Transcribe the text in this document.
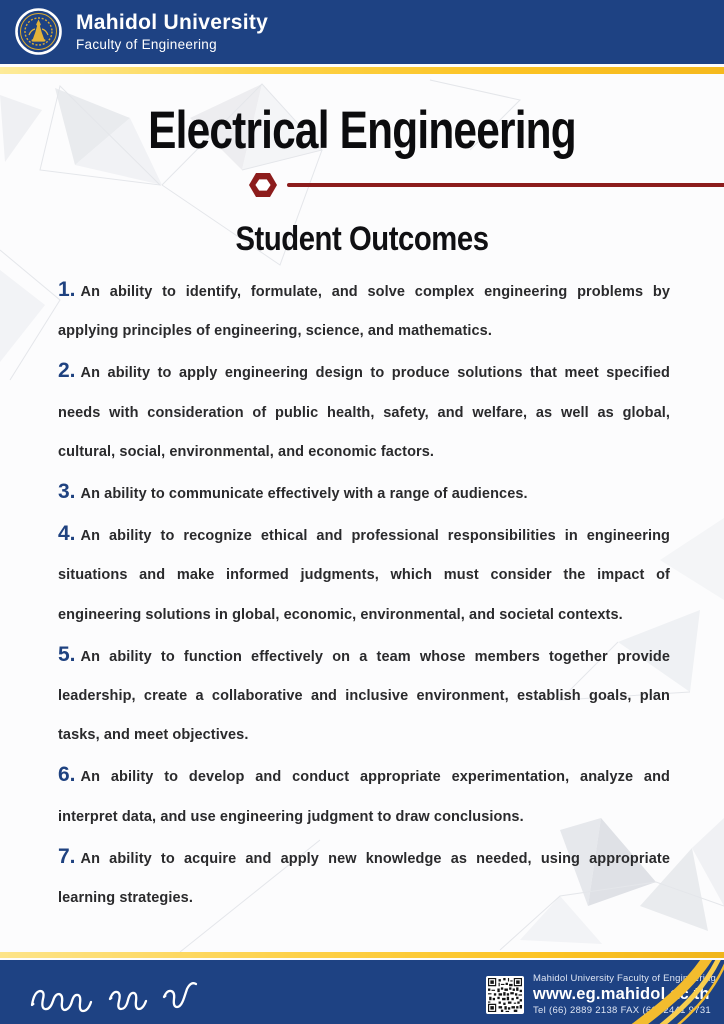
Mahidol University
Faculty of Engineering
Electrical Engineering
Student Outcomes

1. An ability to identify, formulate, and solve complex engineering problems by applying principles of engineering, science, and mathematics.

2. An ability to apply engineering design to produce solutions that meet specified needs with consideration of public health, safety, and welfare, as well as global, cultural, social, environmental, and economic factors.

3. An ability to communicate effectively with a range of audiences.

4. An ability to recognize ethical and professional responsibilities in engineering situations and make informed judgments, which must consider the impact of engineering solutions in global, economic, environmental, and societal contexts.

5. An ability to function effectively on a team whose members together provide leadership, create a collaborative and inclusive environment, establish goals, plan tasks, and meet objectives.

6. An ability to develop and conduct appropriate experimentation, analyze and interpret data, and use engineering judgment to draw conclusions.

7. An ability to acquire and apply new knowledge as needed, using appropriate learning strategies.

Mahidol University Faculty of Engineering
www.eg.mahidol.ac.th
Tel (66) 2889 2138 FAX (66) 2441 9731
